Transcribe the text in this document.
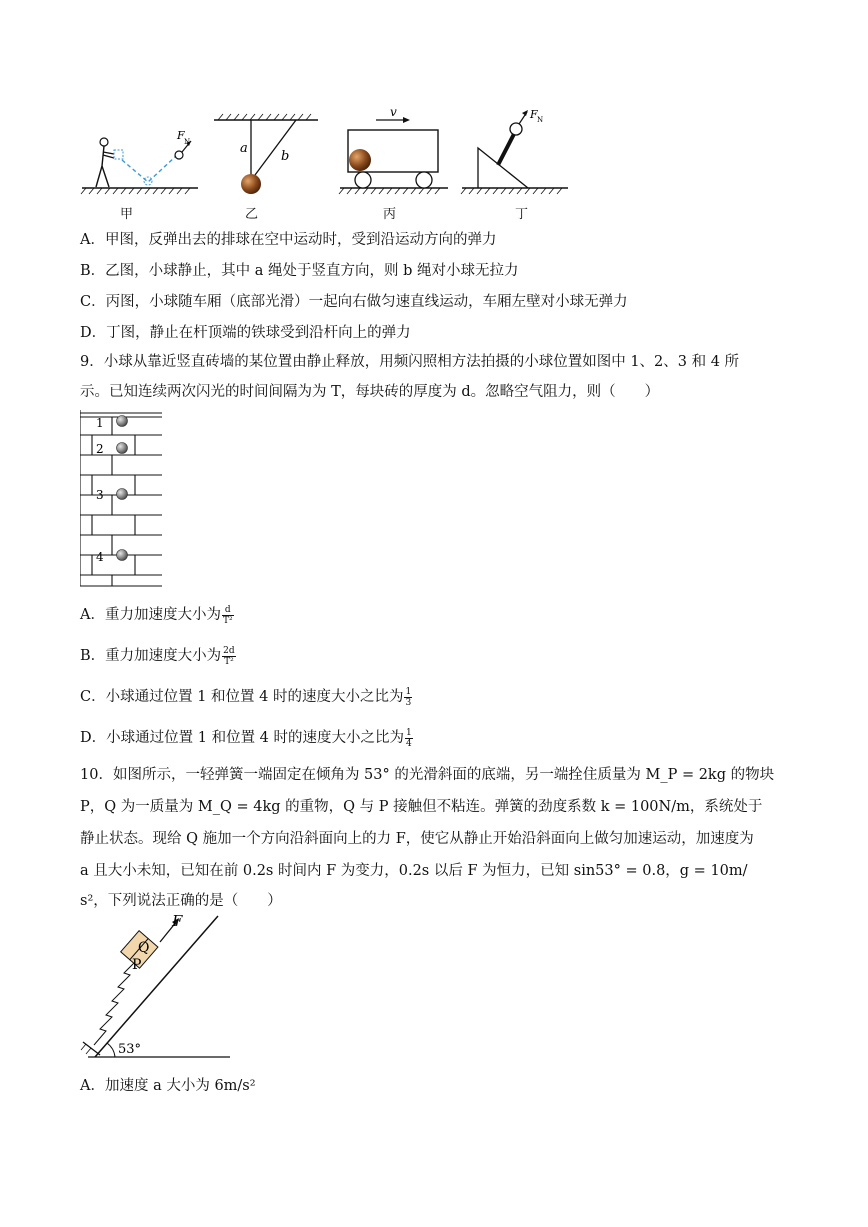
F N	a
b
v	F N
甲	乙	丙	丁
A．甲图，反弹出去的排球在空中运动时，受到沿运动方向的弹力
B．乙图，小球静止，其中 a 绳处于竖直方向，则 b 绳对小球无拉力
C．丙图，小球随车厢（底部光滑）一起向右做匀速直线运动，车厢左壁对小球无弹力
D．丁图，静止在杆顶端的铁球受到沿杆向上的弹力
9．小球从靠近竖直砖墙的某位置由静止释放，用频闪照相方法拍摄的小球位置如图中 1、2、3 和 4 所
示。已知连续两次闪光的时间间隔为为 T，每块砖的厚度为 d。忽略空气阻力，则（　　）
1
2
3
4
A．重力加速度大小为 $\frac{d}{\text{T²}}$
B．重力加速度大小为 $\frac{2d}{\text{T²}}$
C．小球通过位置 1 和位置 4 时的速度大小之比为 $\frac{1}{3}$
D．小球通过位置 1 和位置 4 时的速度大小之比为 $\frac{1}{4}$
10．如图所示，一轻弹簧一端固定在倾角为 53° 的光滑斜面的底端，另一端拴住质量为 M_P = 2kg 的物块
P，Q 为一质量为 M_Q = 4kg 的重物，Q 与 P 接触但不粘连。弹簧的劲度系数 k = 100N/m，系统处于
静止状态。现给 Q 施加一个方向沿斜面向上的力 F，使它从静止开始沿斜面向上做匀加速运动，加速度为
a 且大小未知，已知在前 0.2s 时间内 F 为变力，0.2s 以后 F 为恒力，已知 sin53° = 0.8，g = 10m/
s²，下列说法正确的是（　　）
F
Q
P
53°
A．加速度 a 大小为 6m/s²
